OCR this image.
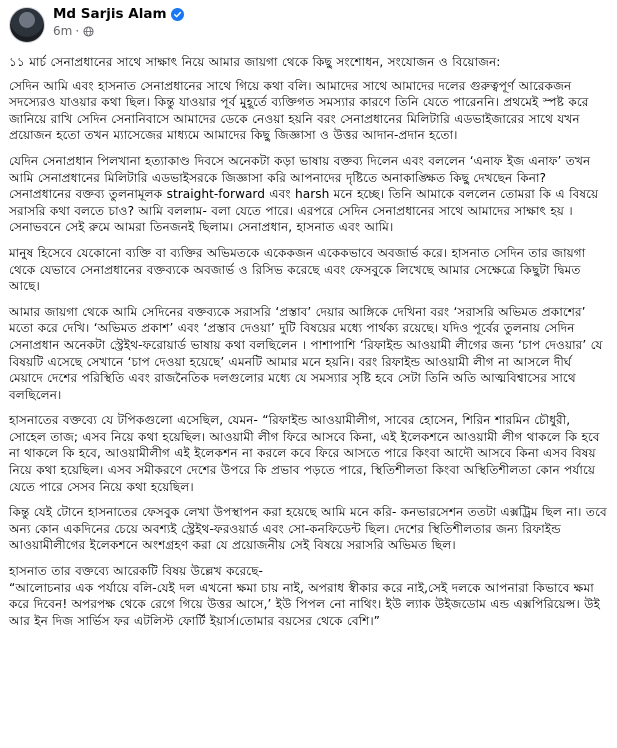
Md Sarjis Alam
6m ·

১১ মার্চ সেনাপ্রধানের সাথে সাক্ষাৎ নিয়ে আমার জায়গা থেকে কিছু সংশোধন, সংযোজন ও বিয়োজন:

সেদিন আমি এবং হাসনাত সেনাপ্রধানের সাথে গিয়ে কথা বলি। আমাদের সাথে আমাদের দলের গুরুত্বপূর্ণ আরেকজন সদস্যেরও যাওয়ার কথা ছিল। কিন্তু যাওয়ার পূর্ব মুহূর্তে ব্যক্তিগত সমস্যার কারণে তিনি যেতে পারেননি। প্রথমেই স্পষ্ট করে জানিয়ে রাখি সেদিন সেনানিবাসে আমাদের ডেকে নেওয়া হয়নি বরং সেনাপ্রধানের মিলিটারি এডভাইজারের সাথে যখন প্রয়োজন হতো তখন ম্যাসেজের মাধ্যমে আমাদের কিছু জিজ্ঞাসা ও উত্তর আদান-প্রদান হতো।

যেদিন সেনাপ্রধান পিলখানা হত্যাকাণ্ড দিবসে অনেকটা কড়া ভাষায় বক্তব্য দিলেন এবং বললেন ‘এনাফ ইজ এনাফ’ তখন আমি সেনাপ্রধানের মিলিটারি এডভাইসরকে জিজ্ঞাসা করি আপনাদের দৃষ্টিতে অনাকাঙ্ক্ষিত কিছু দেখছেন কিনা? সেনাপ্রধানের বক্তব্য তুলনামূলক straight-forward এবং harsh মনে হচ্ছে। তিনি আমাকে বললেন তোমরা কি এ বিষয়ে সরাসরি কথা বলতে চাও? আমি বললাম- বলা যেতে পারে। এরপরে সেদিন সেনাপ্রধানের সাথে আমাদের সাক্ষাৎ হয় । সেনাভবনে সেই রুমে আমরা তিনজনই ছিলাম। সেনাপ্রধান, হাসনাত এবং আমি।

মানুষ হিসেবে যেকোনো ব্যক্তি বা ব্যক্তির অভিমতকে একেকজন একেকভাবে অবজার্ভ করে। হাসনাত সেদিন তার জায়গা থেকে যেভাবে সেনাপ্রধানের বক্তব্যকে অবজার্ভ ও রিসিভ করেছে এবং ফেসবুকে লিখেছে আমার সেক্ষেত্রে কিছুটা দ্বিমত আছে।

আমার জায়গা থেকে আমি সেদিনের বক্তব্যকে সরাসরি ‘প্রস্তাব’ দেয়ার আঙ্গিকে দেখিনা বরং ‘সরাসরি অভিমত প্রকাশের’ মতো করে দেখি। ‘অভিমত প্রকাশ’ এবং ‘প্রস্তাব দেওয়া’ দুটি বিষয়ের মধ্যে পার্থক্য রয়েছে। যদিও পূর্বের তুলনায় সেদিন সেনাপ্রধান অনেকটা স্ট্রেইথ-ফরোয়ার্ড ভাষায় কথা বলছিলেন । পাশাপাশি ‘রিফাইন্ড আওয়ামী লীগের জন্য ‘চাপ দেওয়ার’ যে বিষয়টি এসেছে সেখানে ‘চাপ দেওয়া হয়েছে’ এমনটি আমার মনে হয়নি। বরং রিফাইন্ড আওয়ামী লীগ না আসলে দীর্ঘ মেয়াদে দেশের পরিস্থিতি এবং রাজনৈতিক দলগুলোর মধ্যে যে সমস্যার সৃষ্টি হবে সেটা তিনি অতি আত্মবিশ্বাসের সাথে বলছিলেন।

হাসনাতের বক্তব্যে যে টপিকগুলো এসেছিল, যেমন- “রিফাইন্ড আওয়ামীলীগ, সাবের হোসেন, শিরিন শারমিন চৌধুরী, সোহেল তাজ; এসব নিয়ে কথা হয়েছিল। আওয়ামী লীগ ফিরে আসবে কিনা, এই ইলেকশনে আওয়ামী লীগ থাকলে কি হবে না থাকলে কি হবে, আওয়ামীলীগ এই ইলেকশন না করলে কবে ফিরে আসতে পারে কিংবা আদৌ আসবে কিনা এসব বিষয় নিয়ে কথা হয়েছিল। এসব সমীকরণে দেশের উপরে কি প্রভাব পড়তে পারে, স্থিতিশীলতা কিংবা অস্থিতিশীলতা কোন পর্যায়ে যেতে পারে সেসব নিয়ে কথা হয়েছিল।

কিন্তু যেই টোনে হাসনাতের ফেসবুক লেখা উপস্থাপন করা হয়েছে আমি মনে করি- কনভারসেশন ততটা এক্সট্রিম ছিল না। তবে অন্য কোন একদিনের চেয়ে অবশ্যই স্ট্রেইথ-ফরওয়ার্ড এবং সো-কনফিডেন্ট ছিল। দেশের স্থিতিশীলতার জন্য রিফাইন্ড আওয়ামীলীগের ইলেকশনে অংশগ্রহণ করা যে প্রয়োজনীয় সেই বিষয়ে সরাসরি অভিমত ছিল।

হাসনাত তার বক্তব্যে আরেকটি বিষয় উল্লেখ করেছে-
“আলোচনার এক পর্যায়ে বলি-যেই দল এখনো ক্ষমা চায় নাই, অপরাধ স্বীকার করে নাই,সেই দলকে আপনারা কিভাবে ক্ষমা করে দিবেন! অপরপক্ষ থেকে রেগে গিয়ে উত্তর আসে,’ ইউ পিপল নো নাথিং। ইউ ল্যাক উইজডোম এন্ড এক্সপিরিয়েন্স। উই আর ইন দিজ সার্ভিস ফর এটলিস্ট ফোর্টি ইয়ার্স।তোমার বয়সের থেকে বেশি।”
